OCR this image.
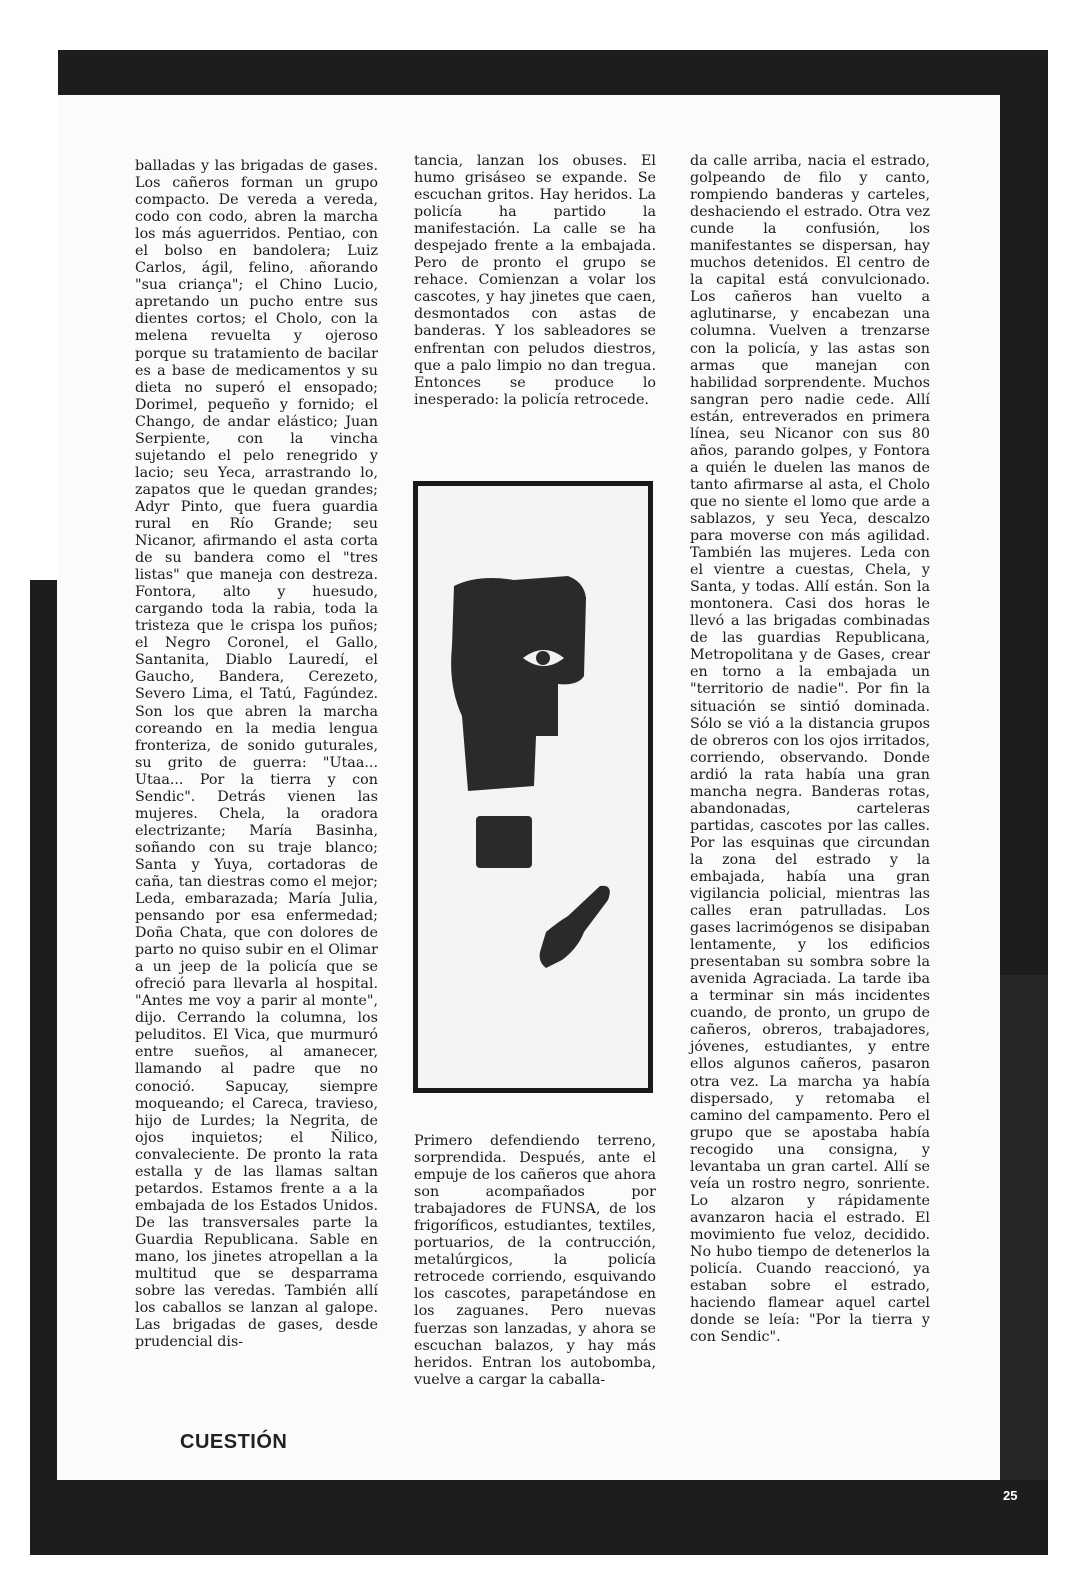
balladas y las brigadas de gases. Los cañeros forman un grupo compacto. De vereda a vereda, codo con codo, abren la marcha los más aguerridos. Pentiao, con el bolso en bandolera; Luiz Carlos, ágil, felino, añorando "sua criança"; el Chino Lucio, apretando un pucho entre sus dientes cortos; el Cholo, con la melena revuelta y ojeroso porque su tratamiento de bacilar es a base de medicamentos y su dieta no superó el ensopado; Dorimel, pequeño y fornido; el Chango, de andar elástico; Juan Serpiente, con la vincha sujetando el pelo renegrido y lacio; seu Yeca, arrastrando lo, zapatos que le quedan grandes; Adyr Pinto, que fuera guardia rural en Río Grande; seu Nicanor, afirmando el asta corta de su bandera como el "tres listas" que maneja con destreza. Fontora, alto y huesudo, cargando toda la rabia, toda la tristeza que le crispa los puños; el Negro Coronel, el Gallo, Santanita, Diablo Lauredí, el Gaucho, Bandera, Cerezeto, Severo Lima, el Tatú, Fagúndez. Son los que abren la marcha coreando en la media lengua fronteriza, de sonido guturales, su grito de guerra: "Utaa... Utaa... Por la tierra y con Sendic". Detrás vienen las mujeres. Chela, la oradora electrizante; María Basinha, soñando con su traje blanco; Santa y Yuya, cortadoras de caña, tan diestras como el mejor; Leda, embarazada; María Julia, pensando por esa enfermedad; Doña Chata, que con dolores de parto no quiso subir en el Olimar a un jeep de la policía que se ofreció para llevarla al hospital. "Antes me voy a parir al monte", dijo. Cerrando la columna, los peluditos. El Vica, que murmuró entre sueños, al amanecer, llamando al padre que no conoció. Sapucay, siempre moqueando; el Careca, travieso, hijo de Lurdes; la Negrita, de ojos inquietos; el Ñilico, convaleciente. De pronto la rata estalla y de las llamas saltan petardos. Estamos frente a a la embajada de los Estados Unidos. De las transversales parte la Guardia Republicana. Sable en mano, los jinetes atropellan a la multitud que se desparrama sobre las veredas. También allí los caballos se lanzan al galope. Las brigadas de gases, desde prudencial dis-
tancia, lanzan los obuses. El humo grisáseo se expande. Se escuchan gritos. Hay heridos. La policía ha partido la manifestación. La calle se ha despejado frente a la embajada. Pero de pronto el grupo se rehace. Comienzan a volar los cascotes, y hay jinetes que caen, desmontados con astas de banderas. Y los sableadores se enfrentan con peludos diestros, que a palo limpio no dan tregua. Entonces se produce lo inesperado: la policía retrocede.
Primero defendiendo terreno, sorprendida. Después, ante el empuje de los cañeros que ahora son acompañados por trabajadores de FUNSA, de los frigoríficos, estudiantes, textiles, portuarios, de la contrucción, metalúrgicos, la policía retrocede corriendo, esquivando los cascotes, parapetándose en los zaguanes. Pero nuevas fuerzas son lanzadas, y ahora se escuchan balazos, y hay más heridos. Entran los autobomba, vuelve a cargar la caballa-
da calle arriba, nacia el estrado, golpeando de filo y canto, rompiendo banderas y carteles, deshaciendo el estrado. Otra vez cunde la confusión, los manifestantes se dispersan, hay muchos detenidos. El centro de la capital está convulcionado. Los cañeros han vuelto a aglutinarse, y encabezan una columna. Vuelven a trenzarse con la policía, y las astas son armas que manejan con habilidad sorprendente. Muchos sangran pero nadie cede. Allí están, entreverados en primera línea, seu Nicanor con sus 80 años, parando golpes, y Fontora a quién le duelen las manos de tanto afirmarse al asta, el Cholo que no siente el lomo que arde a sablazos, y seu Yeca, descalzo para moverse con más agilidad. También las mujeres. Leda con el vientre a cuestas, Chela, y Santa, y todas. Allí están. Son la montonera. Casi dos horas le llevó a las brigadas combinadas de las guardias Republicana, Metropolitana y de Gases, crear en torno a la embajada un "territorio de nadie". Por fin la situación se sintió dominada. Sólo se vió a la distancia grupos de obreros con los ojos irritados, corriendo, observando. Donde ardió la rata había una gran mancha negra. Banderas rotas, abandonadas, carteleras partidas, cascotes por las calles. Por las esquinas que circundan la zona del estrado y la embajada, había una gran vigilancia policial, mientras las calles eran patrulladas. Los gases lacrimógenos se disipaban lentamente, y los edificios presentaban su sombra sobre la avenida Agraciada. La tarde iba a terminar sin más incidentes cuando, de pronto, un grupo de cañeros, obreros, trabajadores, jóvenes, estudiantes, y entre ellos algunos cañeros, pasaron otra vez. La marcha ya había dispersado, y retomaba el camino del campamento. Pero el grupo que se apostaba había recogido una consigna, y levantaba un gran cartel. Allí se veía un rostro negro, sonriente. Lo alzaron y rápidamente avanzaron hacia el estrado. El movimiento fue veloz, decidido. No hubo tiempo de detenerlos la policía. Cuando reaccionó, ya estaban sobre el estrado, haciendo flamear aquel cartel donde se leía: "Por la tierra y con Sendic".
CUESTIÓN
25
